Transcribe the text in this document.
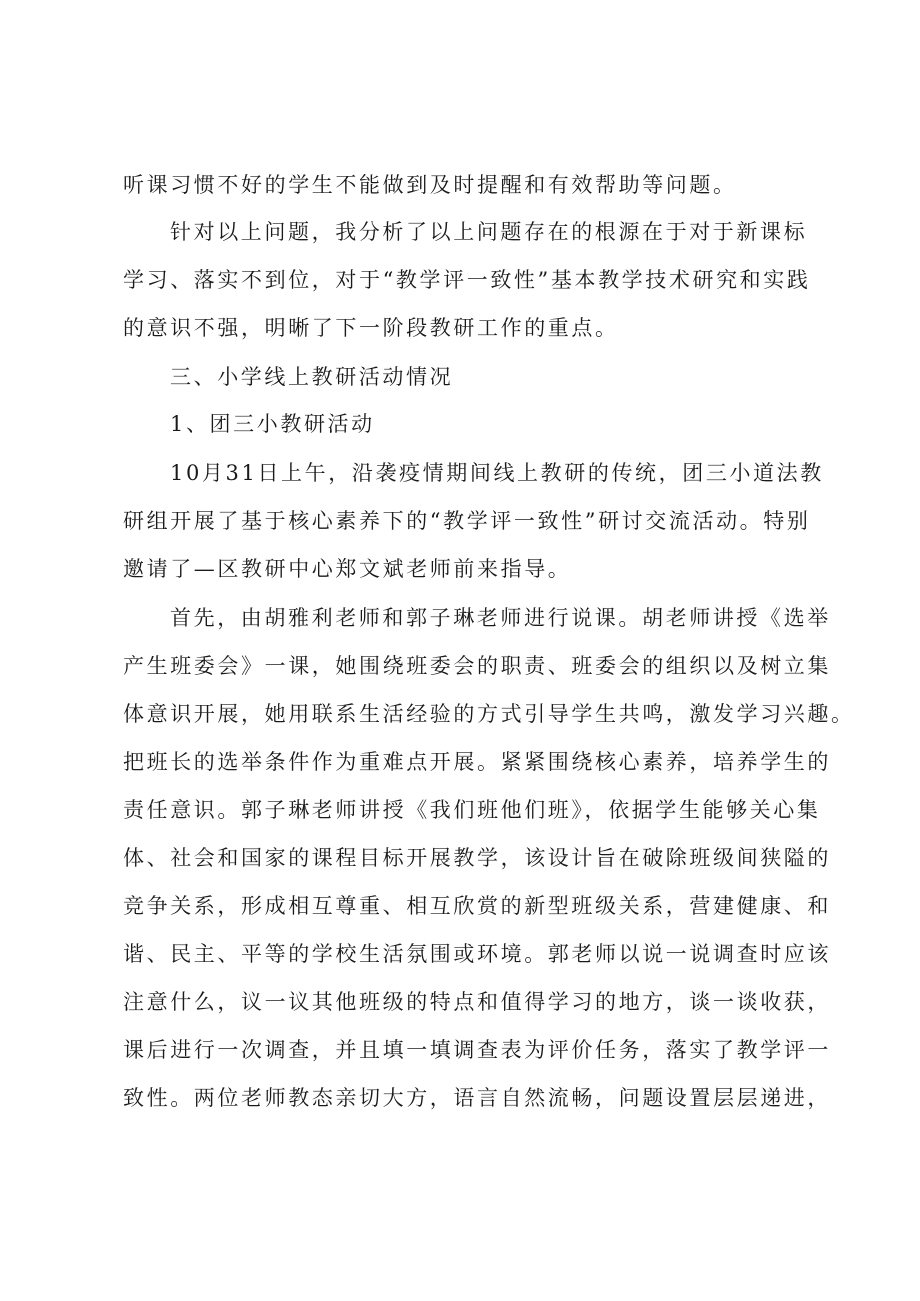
听课习惯不好的学生不能做到及时提醒和有效帮助等问题。
针对以上问题，我分析了以上问题存在的根源在于对于新课标
学习、落实不到位，对于“教学评一致性”基本教学技术研究和实践
的意识不强，明晰了下一阶段教研工作的重点。
三、小学线上教研活动情况
1、团三小教研活动
10月31日上午，沿袭疫情期间线上教研的传统，团三小道法教
研组开展了基于核心素养下的“教学评一致性”研讨交流活动。特别
邀请了—区教研中心郑文斌老师前来指导。
首先，由胡雅利老师和郭子琳老师进行说课。胡老师讲授《选举
产生班委会》一课，她围绕班委会的职责、班委会的组织以及树立集
体意识开展，她用联系生活经验的方式引导学生共鸣，激发学习兴趣。
把班长的选举条件作为重难点开展。紧紧围绕核心素养，培养学生的
责任意识。郭子琳老师讲授《我们班他们班》，依据学生能够关心集
体、社会和国家的课程目标开展教学，该设计旨在破除班级间狭隘的
竞争关系，形成相互尊重、相互欣赏的新型班级关系，营建健康、和
谐、民主、平等的学校生活氛围或环境。郭老师以说一说调查时应该
注意什么，议一议其他班级的特点和值得学习的地方，谈一谈收获，
课后进行一次调查，并且填一填调查表为评价任务，落实了教学评一
致性。两位老师教态亲切大方，语言自然流畅，问题设置层层递进，
